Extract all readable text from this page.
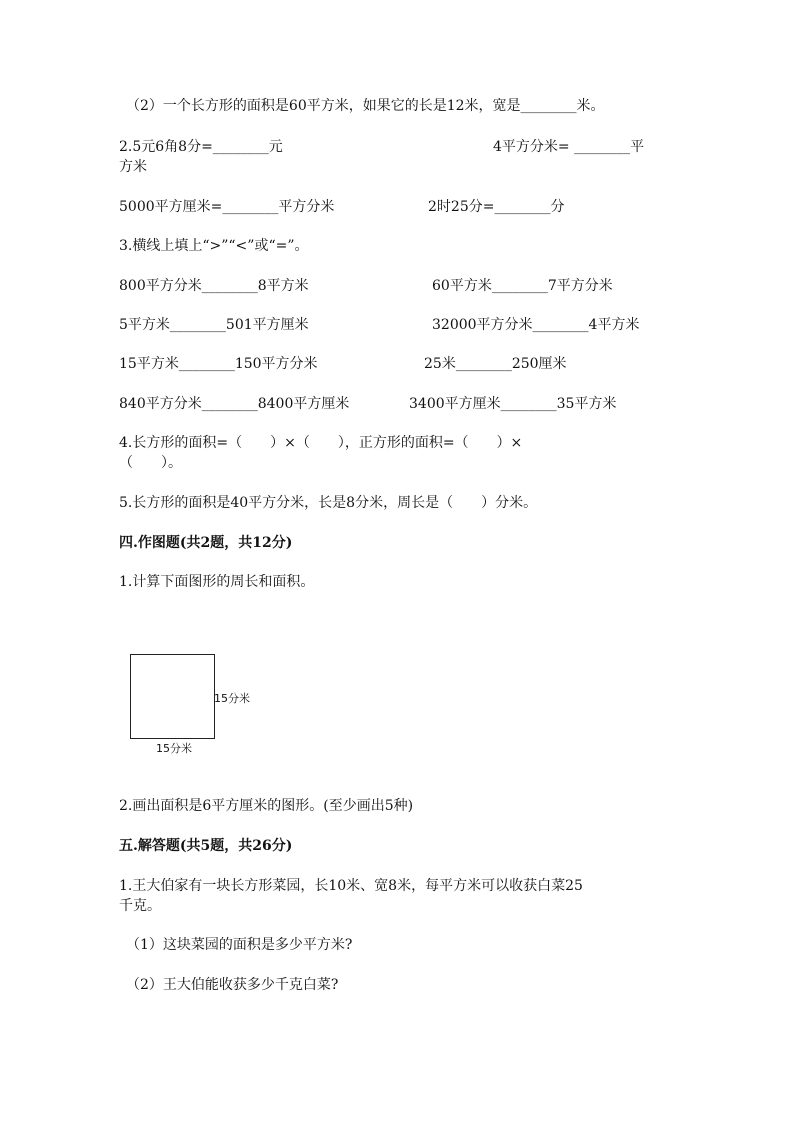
（2）一个长方形的面积是60平方米，如果它的长是12米，宽是________米。
2.5元6角8分=________元	4平方分米= ________平
方米
5000平方厘米=________平方分米	2时25分=________分
3.横线上填上“>”“<”或“=”。
800平方分米________8平方米	60平方米________7平方分米
5平方米________501平方厘米	32000平方分米________4平方米
15平方米________150平方分米	25米________250厘米
840平方分米________8400平方厘米	3400平方厘米________35平方米
4.长方形的面积=（　　）×（　　），正方形的面积=（　　）×
（　　）。
5.长方形的面积是40平方分米，长是8分米，周长是（　　）分米。
四.作图题(共2题，共12分)
1.计算下面图形的周长和面积。
15分米
15分米
2.画出面积是6平方厘米的图形。(至少画出5种)
五.解答题(共5题，共26分)
1.王大伯家有一块长方形菜园，长10米、宽8米，每平方米可以收获白菜25
千克。
（1）这块菜园的面积是多少平方米?
（2）王大伯能收获多少千克白菜?
